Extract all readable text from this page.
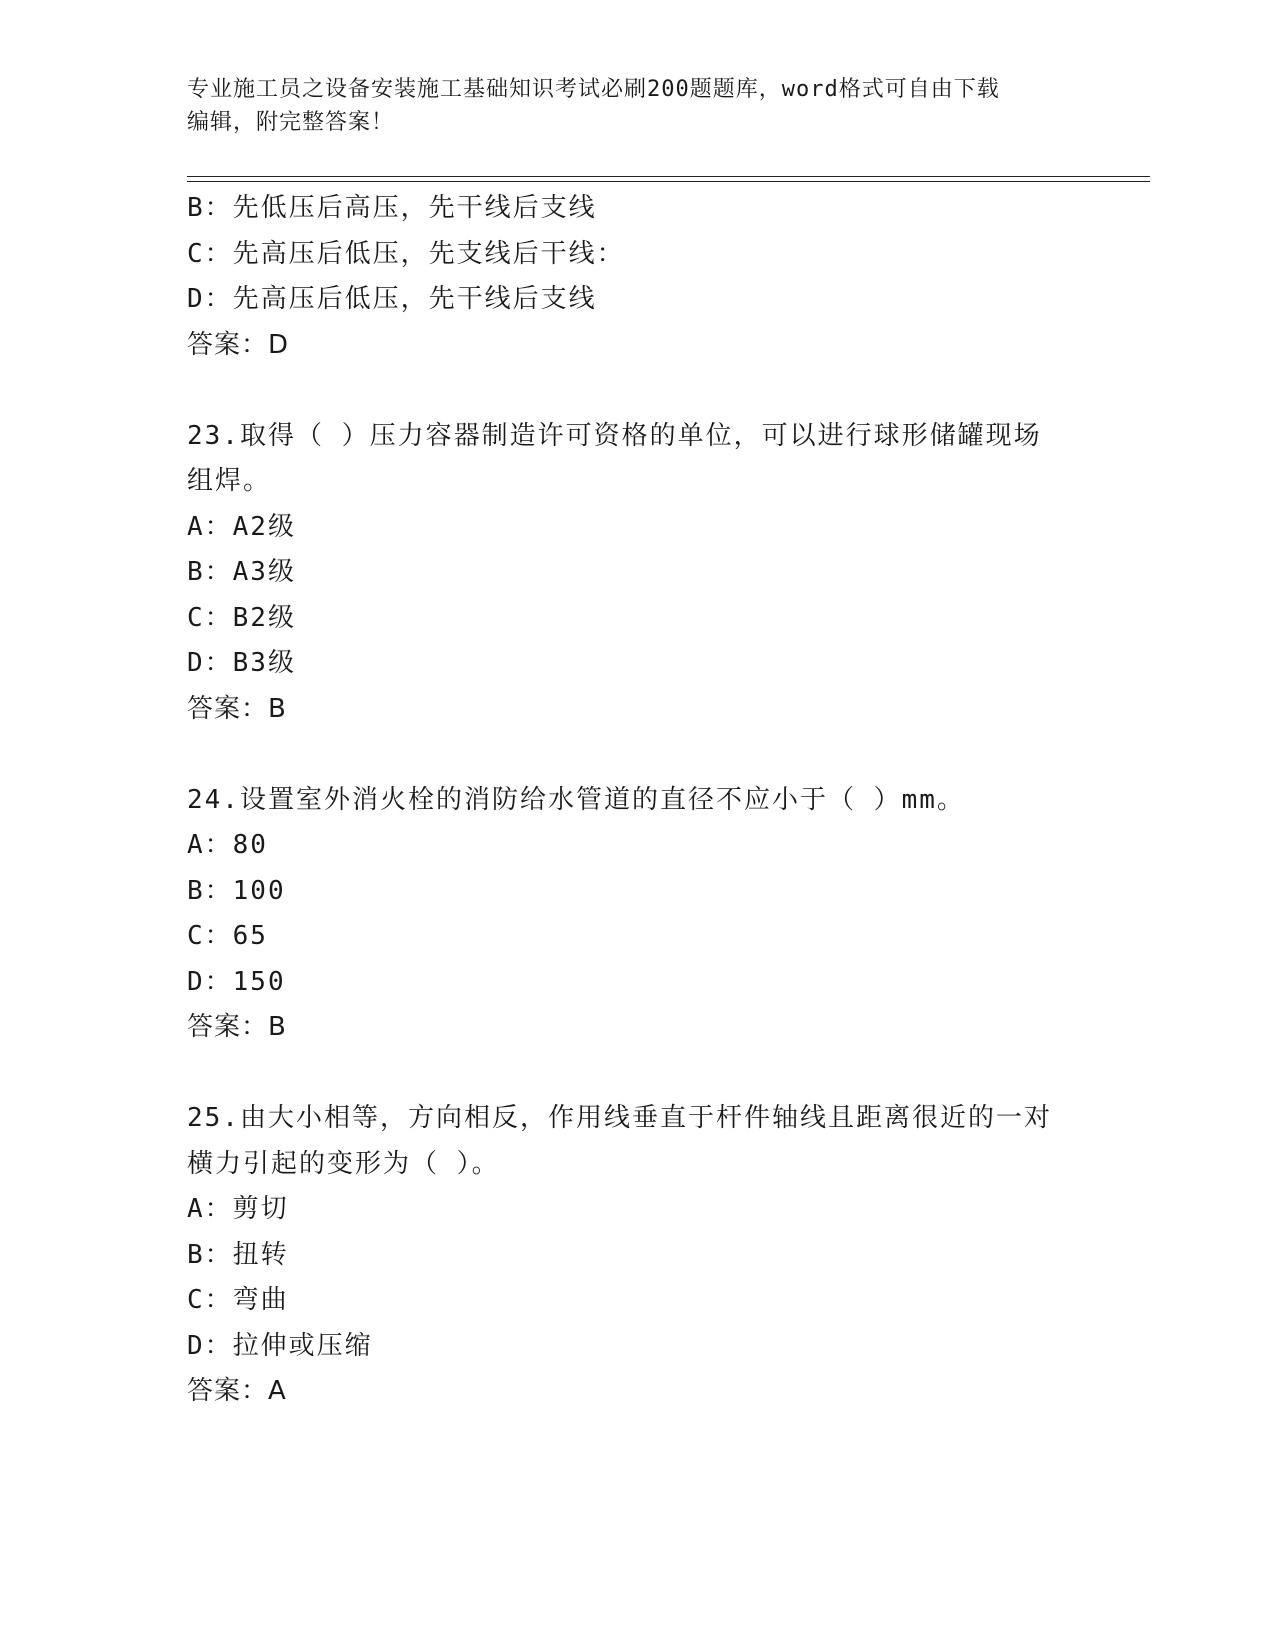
专业施工员之设备安装施工基础知识考试必刷200题题库，word格式可自由下载
编辑，附完整答案！
B：先低压后高压，先干线后支线
C：先高压后低压，先支线后干线：
D：先高压后低压，先干线后支线
答案：D
23.取得（ ）压力容器制造许可资格的单位，可以进行球形储罐现场
组焊。
A：A2级
B：A3级
C：B2级
D：B3级
答案：B
24.设置室外消火栓的消防给水管道的直径不应小于（ ）mm。
A：80
B：100
C：65
D：150
答案：B
25.由大小相等，方向相反，作用线垂直于杆件轴线且距离很近的一对
横力引起的变形为（ ）。
A：剪切
B：扭转
C：弯曲
D：拉伸或压缩
答案：A
